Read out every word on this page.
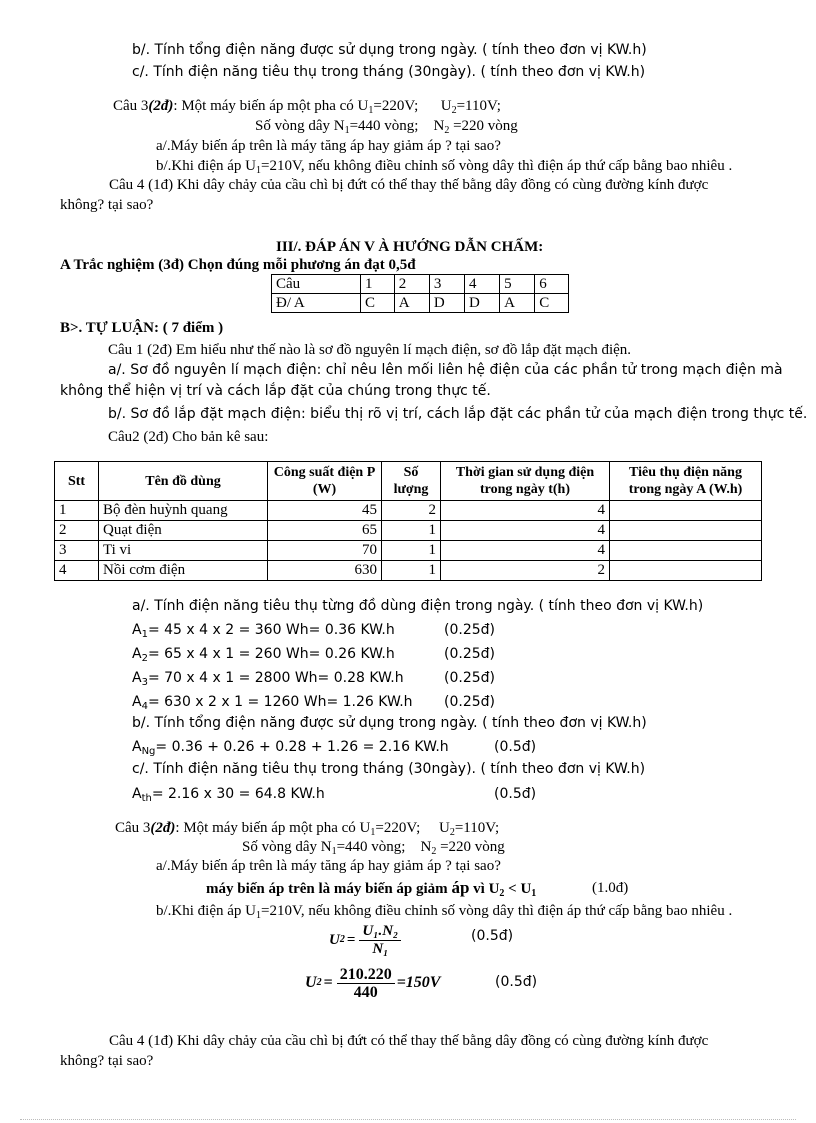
b/. Tính tổng điện năng được sử dụng trong ngày. ( tính theo đơn vị KW.h)
c/. Tính điện năng tiêu thụ trong tháng (30ngày). ( tính theo đơn vị KW.h)
Câu 3(2đ): Một máy biến áp một pha có $U_1=220V$;      $U_2=110V$;
Số vòng dây $N_1=440$ vòng;    $N_2 =220$ vòng
a/.Máy biến áp trên là máy tăng áp hay giảm áp ? tại sao?
b/.Khi điện áp $U_1=210V$, nếu không điều chỉnh số vòng dây thì điện áp thứ cấp bằng bao nhiêu .
Câu 4 (1đ) Khi dây chảy của cầu chì bị đứt có thể thay thế bằng dây đồng có cùng đường kính được
không? tại sao?
III/. ĐÁP ÁN V À HƯỚNG DẪN CHẤM:
A Trắc nghiệm (3đ) Chọn đúng mỗi phương án đạt 0,5đ
Câu	1	2	3	4	5	6
Đ/ A	C	A	D	D	A	C
B>. TỰ LUẬN: ( 7 điểm )
Câu 1 (2đ) Em hiểu như thế nào là sơ đồ nguyên lí mạch điện, sơ đồ lắp đặt mạch điện.
a/. Sơ đồ nguyên lí mạch điện: chỉ nêu lên mối liên hệ điện của các phần tử trong mạch điện mà
không thể hiện vị trí và cách lắp đặt của chúng trong thực tế.
b/. Sơ đồ lắp đặt mạch điện: biểu thị rõ vị trí, cách lắp đặt các phần tử của mạch điện trong thực tế.
Câu2 (2đ) Cho bản kê sau:
Stt	Tên đồ dùng	Công suất điện P (W)	Số lượng	Thời gian sử dụng điện trong ngày t(h)	Tiêu thụ điện năng trong ngày A (W.h)
1	Bộ đèn huỳnh quang	45	2	4	
2	Quạt điện	65	1	4	
3	Ti vi	70	1	4	
4	Nồi cơm điện	630	1	2	
a/. Tính điện năng tiêu thụ từng đồ dùng điện trong ngày. ( tính theo đơn vị KW.h)
$A_1= 45$ x 4 x 2 = 360 Wh= 0.36 KW.h	(0.25đ)
$A_2= 65$ x 4 x 1 = 260 Wh= 0.26 KW.h	(0.25đ)
$A_3= 70$ x 4 x 1 = 2800 Wh= 0.28 KW.h	(0.25đ)
$A_4= 630$ x 2 x 1 = 1260 Wh= 1.26 KW.h (0.25đ)
b/. Tính tổng điện năng được sử dụng trong ngày. ( tính theo đơn vị KW.h)
$A_{Ng}= 0.36 + 0.26 + 0.28 + 1.26 = 2.16$ KW.h	(0.5đ)
c/. Tính điện năng tiêu thụ trong tháng (30ngày). ( tính theo đơn vị KW.h)
$A_{th}= 2.16$ x 30 = 64.8 KW.h	(0.5đ)
Câu 3(2đ): Một máy biến áp một pha có $U_1=220V$;     $U_2=110V$;
Số vòng dây $N_1=440$ vòng;    $N_2 =220$ vòng
a/.Máy biến áp trên là máy tăng áp hay giảm áp ? tại sao?
máy biến áp trên là máy biến áp giảm áp vì $U_2 < U_1$	(1.0đ)
b/.Khi điện áp $U_1=210V$, nếu không điều chỉnh số vòng dây thì điện áp thứ cấp bằng bao nhiêu .
U $2 = \frac{\text{U₁.N₂}}{\text{N₁}}$	(0.5đ)
U $2 = \frac{210.220}{440} =150V$	(0.5đ)
Câu 4 (1đ) Khi dây chảy của cầu chì bị đứt có thể thay thế bằng dây đồng có cùng đường kính được
không? tại sao?
